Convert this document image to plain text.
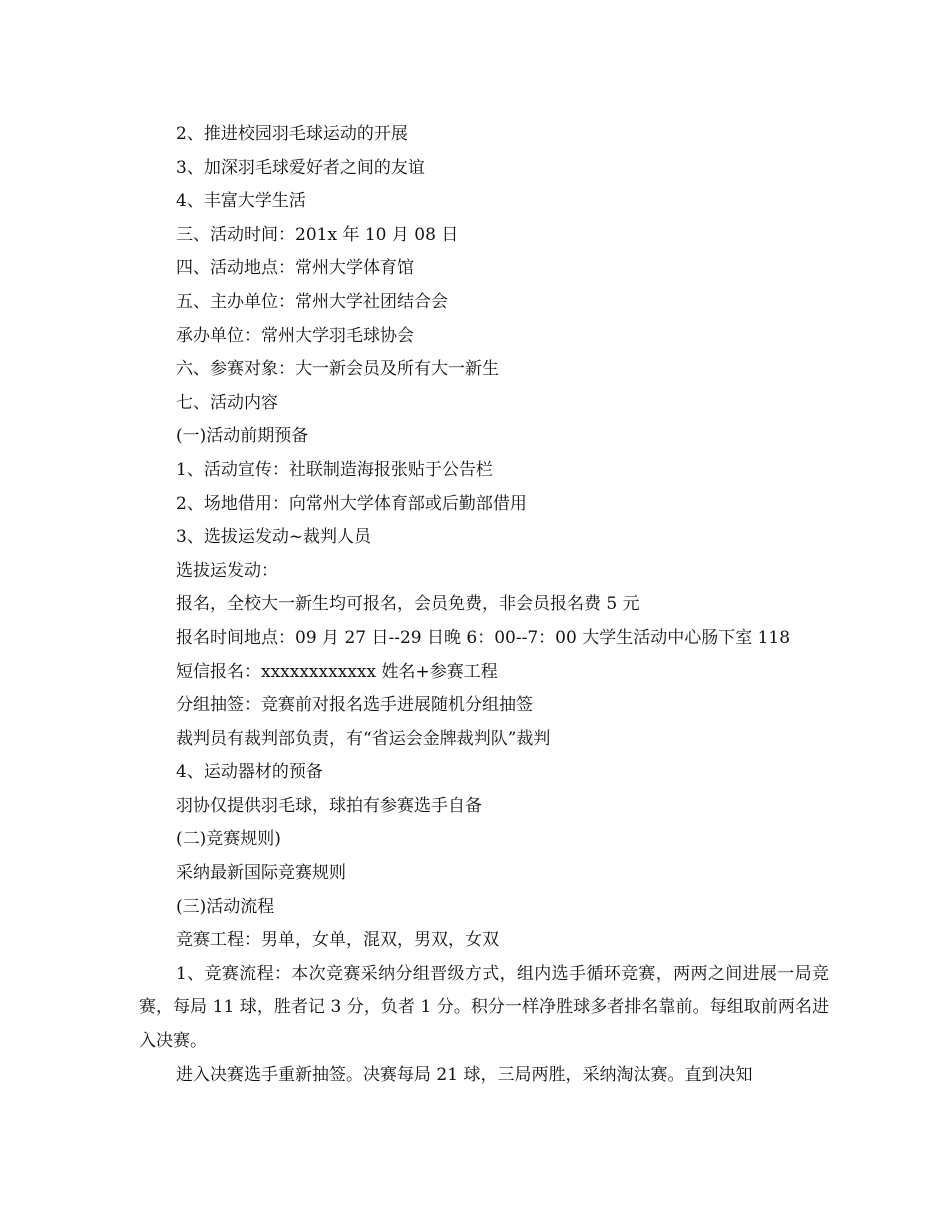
2、推进校园羽毛球运动的开展
3、加深羽毛球爱好者之间的友谊
4、丰富大学生活
三、活动时间：201x 年 10 月 08 日
四、活动地点：常州大学体育馆
五、主办单位：常州大学社团结合会
承办单位：常州大学羽毛球协会
六、参赛对象：大一新会员及所有大一新生
七、活动内容
(一)活动前期预备
1、活动宣传：社联制造海报张贴于公告栏
2、场地借用：向常州大学体育部或后勤部借用
3、选拔运发动~裁判人员
选拔运发动：
报名，全校大一新生均可报名，会员免费，非会员报名费 5 元
报名时间地点：09 月 27 日--29 日晚 6：00--7：00 大学生活动中心肠下室 118
短信报名：xxxxxxxxxxxx 姓名+参赛工程
分组抽签：竞赛前对报名选手进展随机分组抽签
裁判员有裁判部负责，有“省运会金牌裁判队”裁判
4、运动器材的预备
羽协仅提供羽毛球，球拍有参赛选手自备
(二)竞赛规则)
采纳最新国际竞赛规则
(三)活动流程
竞赛工程：男单，女单，混双，男双，女双
1、竞赛流程：本次竞赛采纳分组晋级方式，组内选手循环竞赛，两两之间进展一局竞赛，每局 11 球，胜者记 3 分，负者 1 分。积分一样净胜球多者排名靠前。每组取前两名进入决赛。
进入决赛选手重新抽签。决赛每局 21 球，三局两胜，采纳淘汰赛。直到决知
